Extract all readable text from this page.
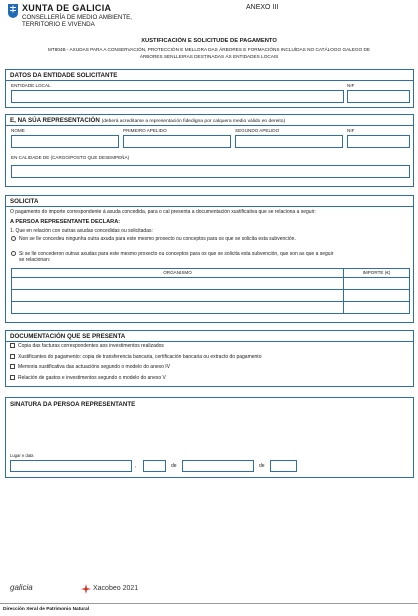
XUNTA DE GALICIA
CONSELLERÍA DE MEDIO AMBIENTE,
TERRITORIO E VIVENDA
ANEXO III
XUSTIFICACIÓN E SOLICITUDE DE PAGAMENTO
MT804B - AXUDAS PARA A CONSERVACIÓN, PROTECCIÓN E MELLORA DAS ÁRBORES E FORMACIÓNS INCLUÍDAS NO CATÁLOGO GALEGO DE
ÁRBORES SENLLEIRAS DESTINADAS ÁS ENTIDADES LOCAIS
DATOS DA ENTIDADE SOLICITANTE
ENTIDADE LOCAL	NIF
E, NA SÚA REPRESENTACIÓN (deberá acreditarse a representación fidedigna por calquera medio válido en dereito)
NOME	PRIMEIRO APELIDO	SEGUNDO APELIDO	NIF
EN CALIDADE DE (CARGO/POSTO QUE DESEMPEÑA)
SOLICITA
O pagamento do importe correspondente á axuda concedida, para o cal presenta a documentación xustificativa que se relaciona a seguir:
A PERSOA REPRESENTANTE DECLARA:
1. Que en relación con outras axudas concedidas ou solicitadas:
Non se lle concedeu ningunha outra axuda para este mesmo proxecto ou conceptos para os que se solicita esta subvención.
Si se lle concederon outras axudas para este mesmo proxecto ou conceptos para os que se solicita esta subvención, que son as que a seguir
se relacionan:
ORGANISMO	IMPORTE (€)

DOCUMENTACIÓN QUE SE PRESENTA
Copia das facturas correspondentes aos investimentos realizados
Xustificantes do pagamento: copia de transferencia bancaria, certificación bancaria ou extracto do pagamento
Memoria xustificativa das actuacións segundo o modelo do anexo IV
Relación de gastos e investimentos segundo o modelo do anexo V
SINATURA DA PERSOA REPRESENTANTE
Lugar e data
,	de	de
galicia	Xacobeo 2021
Dirección Xeral de Patrimonio Natural
